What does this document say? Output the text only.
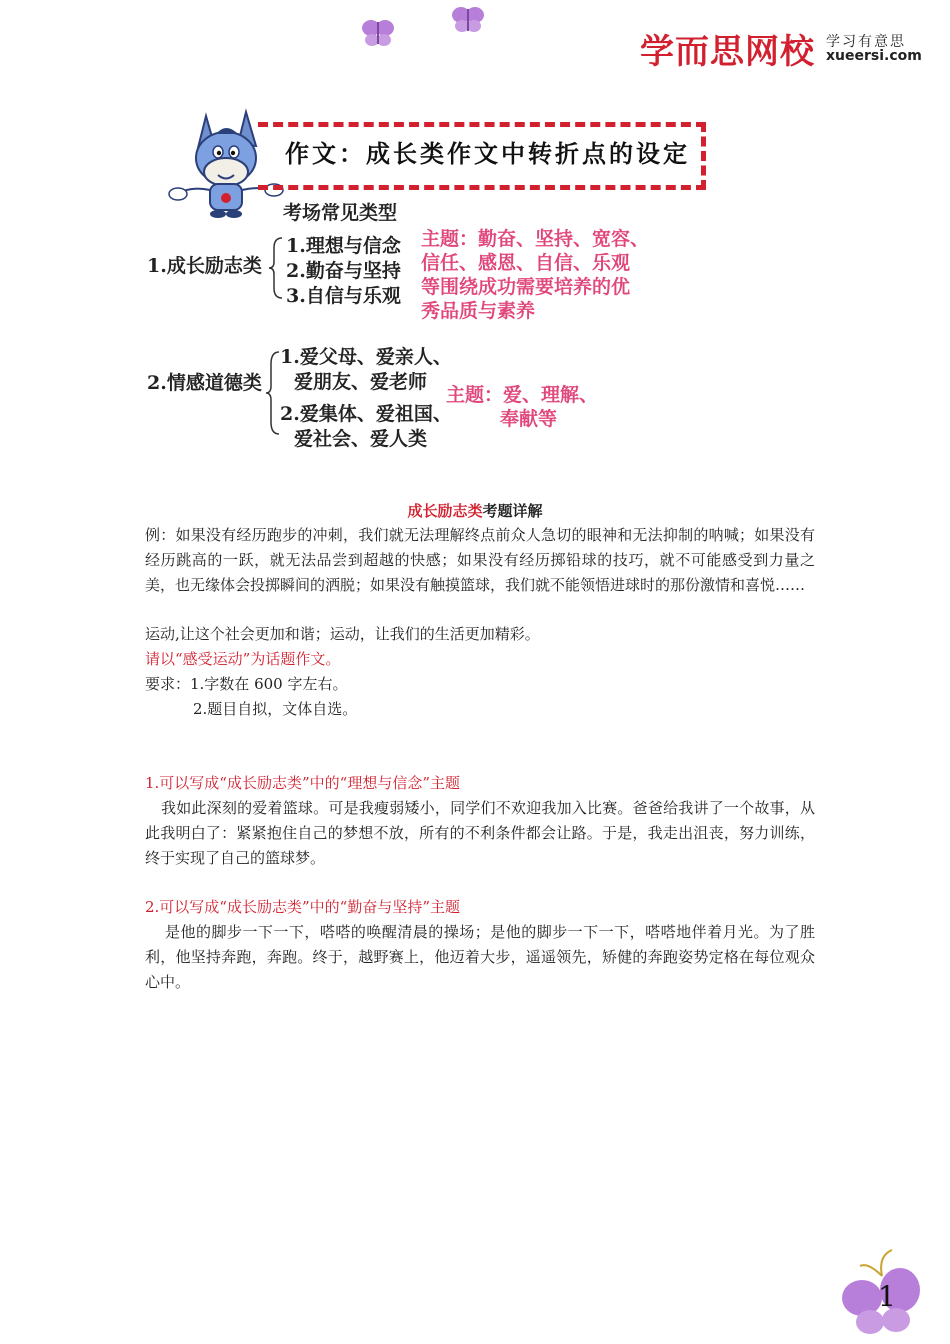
学而思网校 学习有意思
xueersi.com
作文：成长类作文中转折点的设定
考场常见类型
1.成长励志类
1.理想与信念
2.勤奋与坚持
3.自信与乐观
主题：勤奋、坚持、宽容、
信任、感恩、自信、乐观
等围绕成功需要培养的优
秀品质与素养
2.情感道德类
1.爱父母、爱亲人、
爱朋友、爱老师
2.爱集体、爱祖国、
爱社会、爱人类
主题：爱、理解、
奉献等
成长励志类考题详解
例：如果没有经历跑步的冲刺，我们就无法理解终点前众人急切的眼神和无法抑制的呐喊；如果没有经历跳高的一跃，就无法品尝到超越的快感；如果没有经历掷铅球的技巧，就不可能感受到力量之美，也无缘体会投掷瞬间的洒脱；如果没有触摸篮球，我们就不能领悟进球时的那份激情和喜悦……
运动,让这个社会更加和谐；运动，让我们的生活更加精彩。
请以“感受运动”为话题作文。
要求：1.字数在 600 字左右。
2.题目自拟，文体自选。
1.可以写成“成长励志类”中的“理想与信念”主题
我如此深刻的爱着篮球。可是我瘦弱矮小，同学们不欢迎我加入比赛。爸爸给我讲了一个故事，从此我明白了：紧紧抱住自己的梦想不放，所有的不利条件都会让路。于是，我走出沮丧，努力训练，终于实现了自己的篮球梦。
2.可以写成“成长励志类”中的“勤奋与坚持”主题
是他的脚步一下一下，嗒嗒的唤醒清晨的操场；是他的脚步一下一下，嗒嗒地伴着月光。为了胜利，他坚持奔跑，奔跑。终于，越野赛上，他迈着大步，遥遥领先，矫健的奔跑姿势定格在每位观众心中。
1
